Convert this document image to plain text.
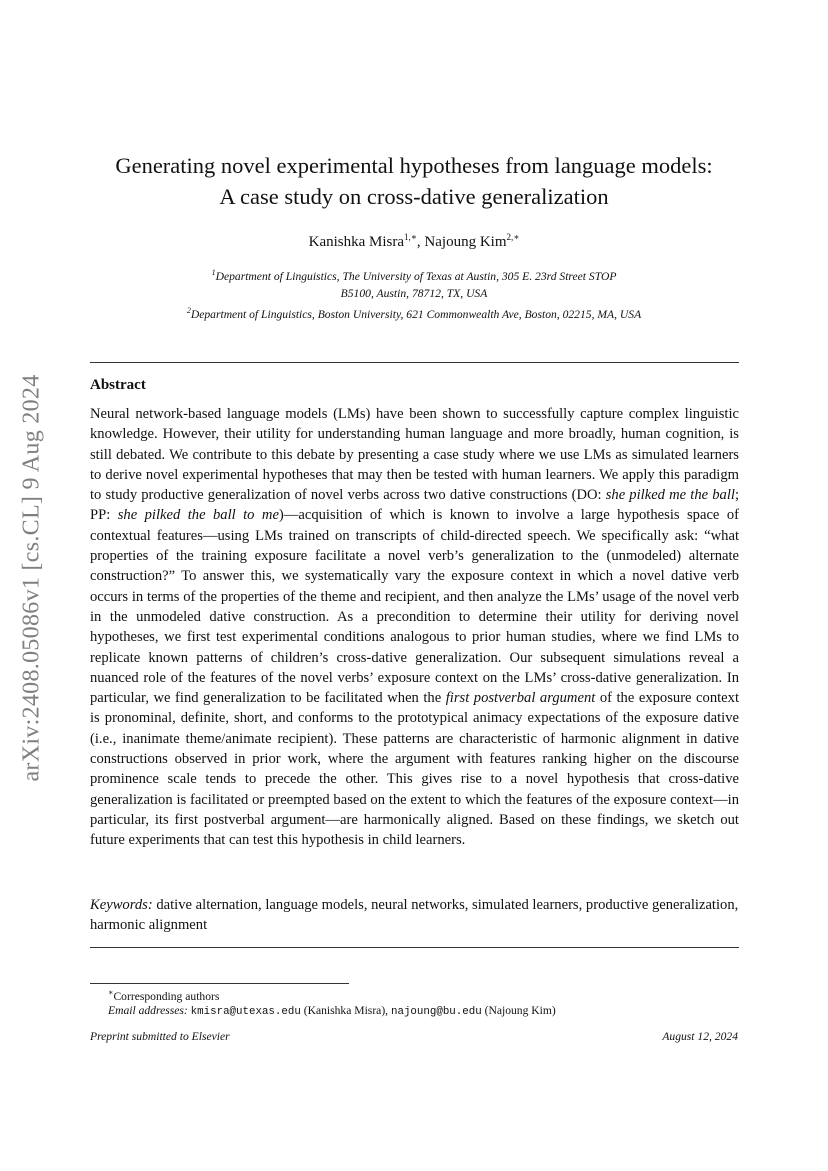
arXiv:2408.05086v1 [cs.CL] 9 Aug 2024
Generating novel experimental hypotheses from language models:
A case study on cross-dative generalization
Kanishka Misra$^{1,∗}$, Najoung Kim$^{2,∗}$
$^1$Department of Linguistics, The University of Texas at Austin, 305 E. 23rd Street STOP
B5100, Austin, 78712, TX, USA
$^2$Department of Linguistics, Boston University, 621 Commonwealth Ave, Boston, 02215, MA, USA
Abstract
Neural network-based language models (LMs) have been shown to successfully capture complex linguistic knowledge. However, their utility for understanding human language and more broadly, human cognition, is still debated. We contribute to this debate by presenting a case study where we use LMs as simulated learners to derive novel experimental hypotheses that may then be tested with human learners. We apply this paradigm to study productive generalization of novel verbs across two dative constructions (DO: she pilked me the ball; PP: she pilked the ball to me)—acquisition of which is known to involve a large hypothesis space of contextual features—using LMs trained on transcripts of child-directed speech. We specifically ask: “what properties of the training exposure facilitate a novel verb’s generalization to the (unmodeled) alternate construction?” To answer this, we systematically vary the exposure context in which a novel dative verb occurs in terms of the properties of the theme and recipient, and then analyze the LMs’ usage of the novel verb in the unmodeled dative construction. As a precondition to determine their utility for deriving novel hypotheses, we first test experimental conditions analogous to prior human studies, where we find LMs to replicate known patterns of children’s cross-dative generalization. Our subsequent simulations reveal a nuanced role of the features of the novel verbs’ exposure context on the LMs’ cross-dative generalization. In particular, we find generalization to be facilitated when the first postverbal argument of the exposure context is pronominal, definite, short, and conforms to the prototypical animacy expectations of the exposure dative (i.e., inanimate theme/animate recipient). These patterns are characteristic of harmonic alignment in dative constructions observed in prior work, where the argument with features ranking higher on the discourse prominence scale tends to precede the other. This gives rise to a novel hypothesis that cross-dative generalization is facilitated or preempted based on the extent to which the features of the exposure context—in particular, its first postverbal argument—are harmonically aligned. Based on these findings, we sketch out future experiments that can test this hypothesis in child learners.
Keywords: dative alternation, language models, neural networks, simulated learners, productive generalization, harmonic alignment
∗Corresponding authors
Email addresses: kmisra@utexas.edu (Kanishka Misra), najoung@bu.edu (Najoung Kim)
Preprint submitted to Elsevier	August 12, 2024
